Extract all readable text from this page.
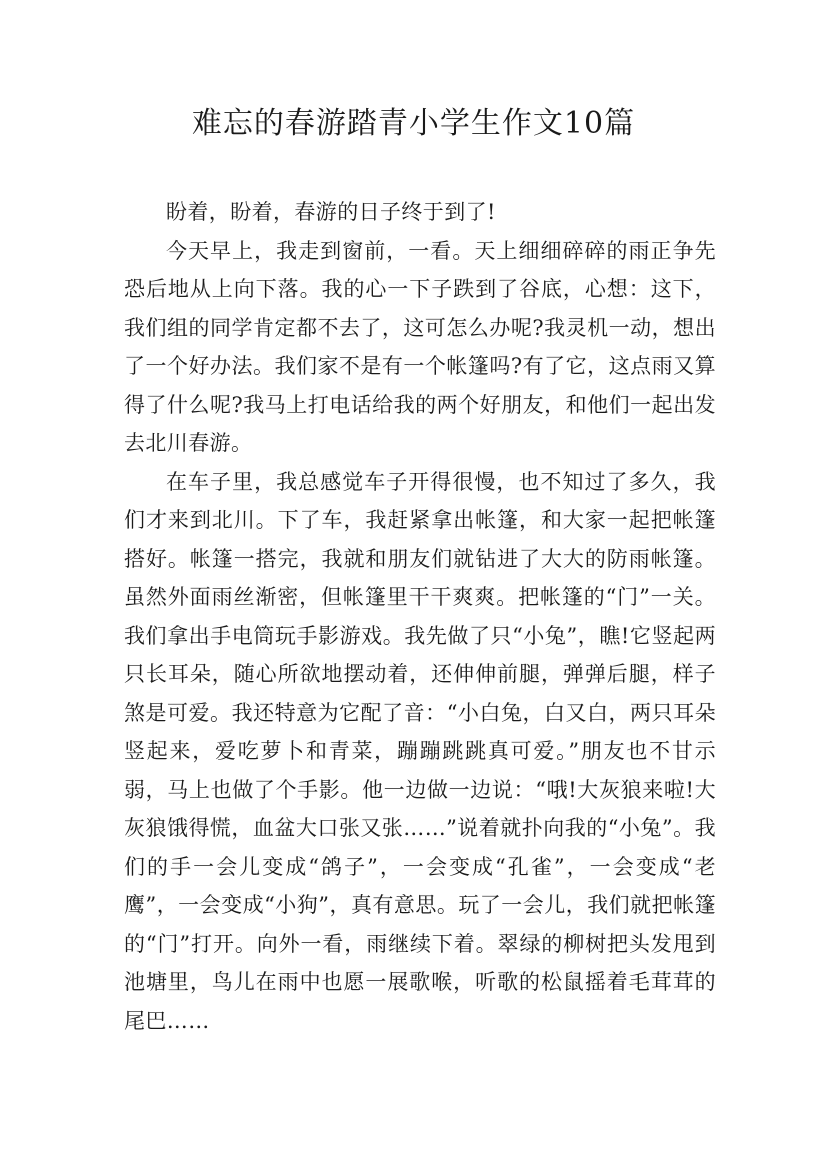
难忘的春游踏青小学生作文10篇

盼着，盼着，春游的日子终于到了!

今天早上，我走到窗前，一看。天上细细碎碎的雨正争先恐后地从上向下落。我的心一下子跌到了谷底，心想：这下，我们组的同学肯定都不去了，这可怎么办呢?我灵机一动，想出了一个好办法。我们家不是有一个帐篷吗?有了它，这点雨又算得了什么呢?我马上打电话给我的两个好朋友，和他们一起出发去北川春游。

在车子里，我总感觉车子开得很慢，也不知过了多久，我们才来到北川。下了车，我赶紧拿出帐篷，和大家一起把帐篷搭好。帐篷一搭完，我就和朋友们就钻进了大大的防雨帐篷。虽然外面雨丝渐密，但帐篷里干干爽爽。把帐篷的“门”一关。我们拿出手电筒玩手影游戏。我先做了只“小兔”，瞧!它竖起两只长耳朵，随心所欲地摆动着，还伸伸前腿，弹弹后腿，样子煞是可爱。我还特意为它配了音：“小白兔，白又白，两只耳朵竖起来，爱吃萝卜和青菜，蹦蹦跳跳真可爱。”朋友也不甘示弱，马上也做了个手影。他一边做一边说：“哦!大灰狼来啦!大灰狼饿得慌，血盆大口张又张……”说着就扑向我的“小兔”。我们的手一会儿变成“鸽子”，一会变成“孔雀”，一会变成“老鹰”，一会变成“小狗”，真有意思。玩了一会儿，我们就把帐篷的“门”打开。向外一看，雨继续下着。翠绿的柳树把头发甩到池塘里，鸟儿在雨中也愿一展歌喉，听歌的松鼠摇着毛茸茸的尾巴……
